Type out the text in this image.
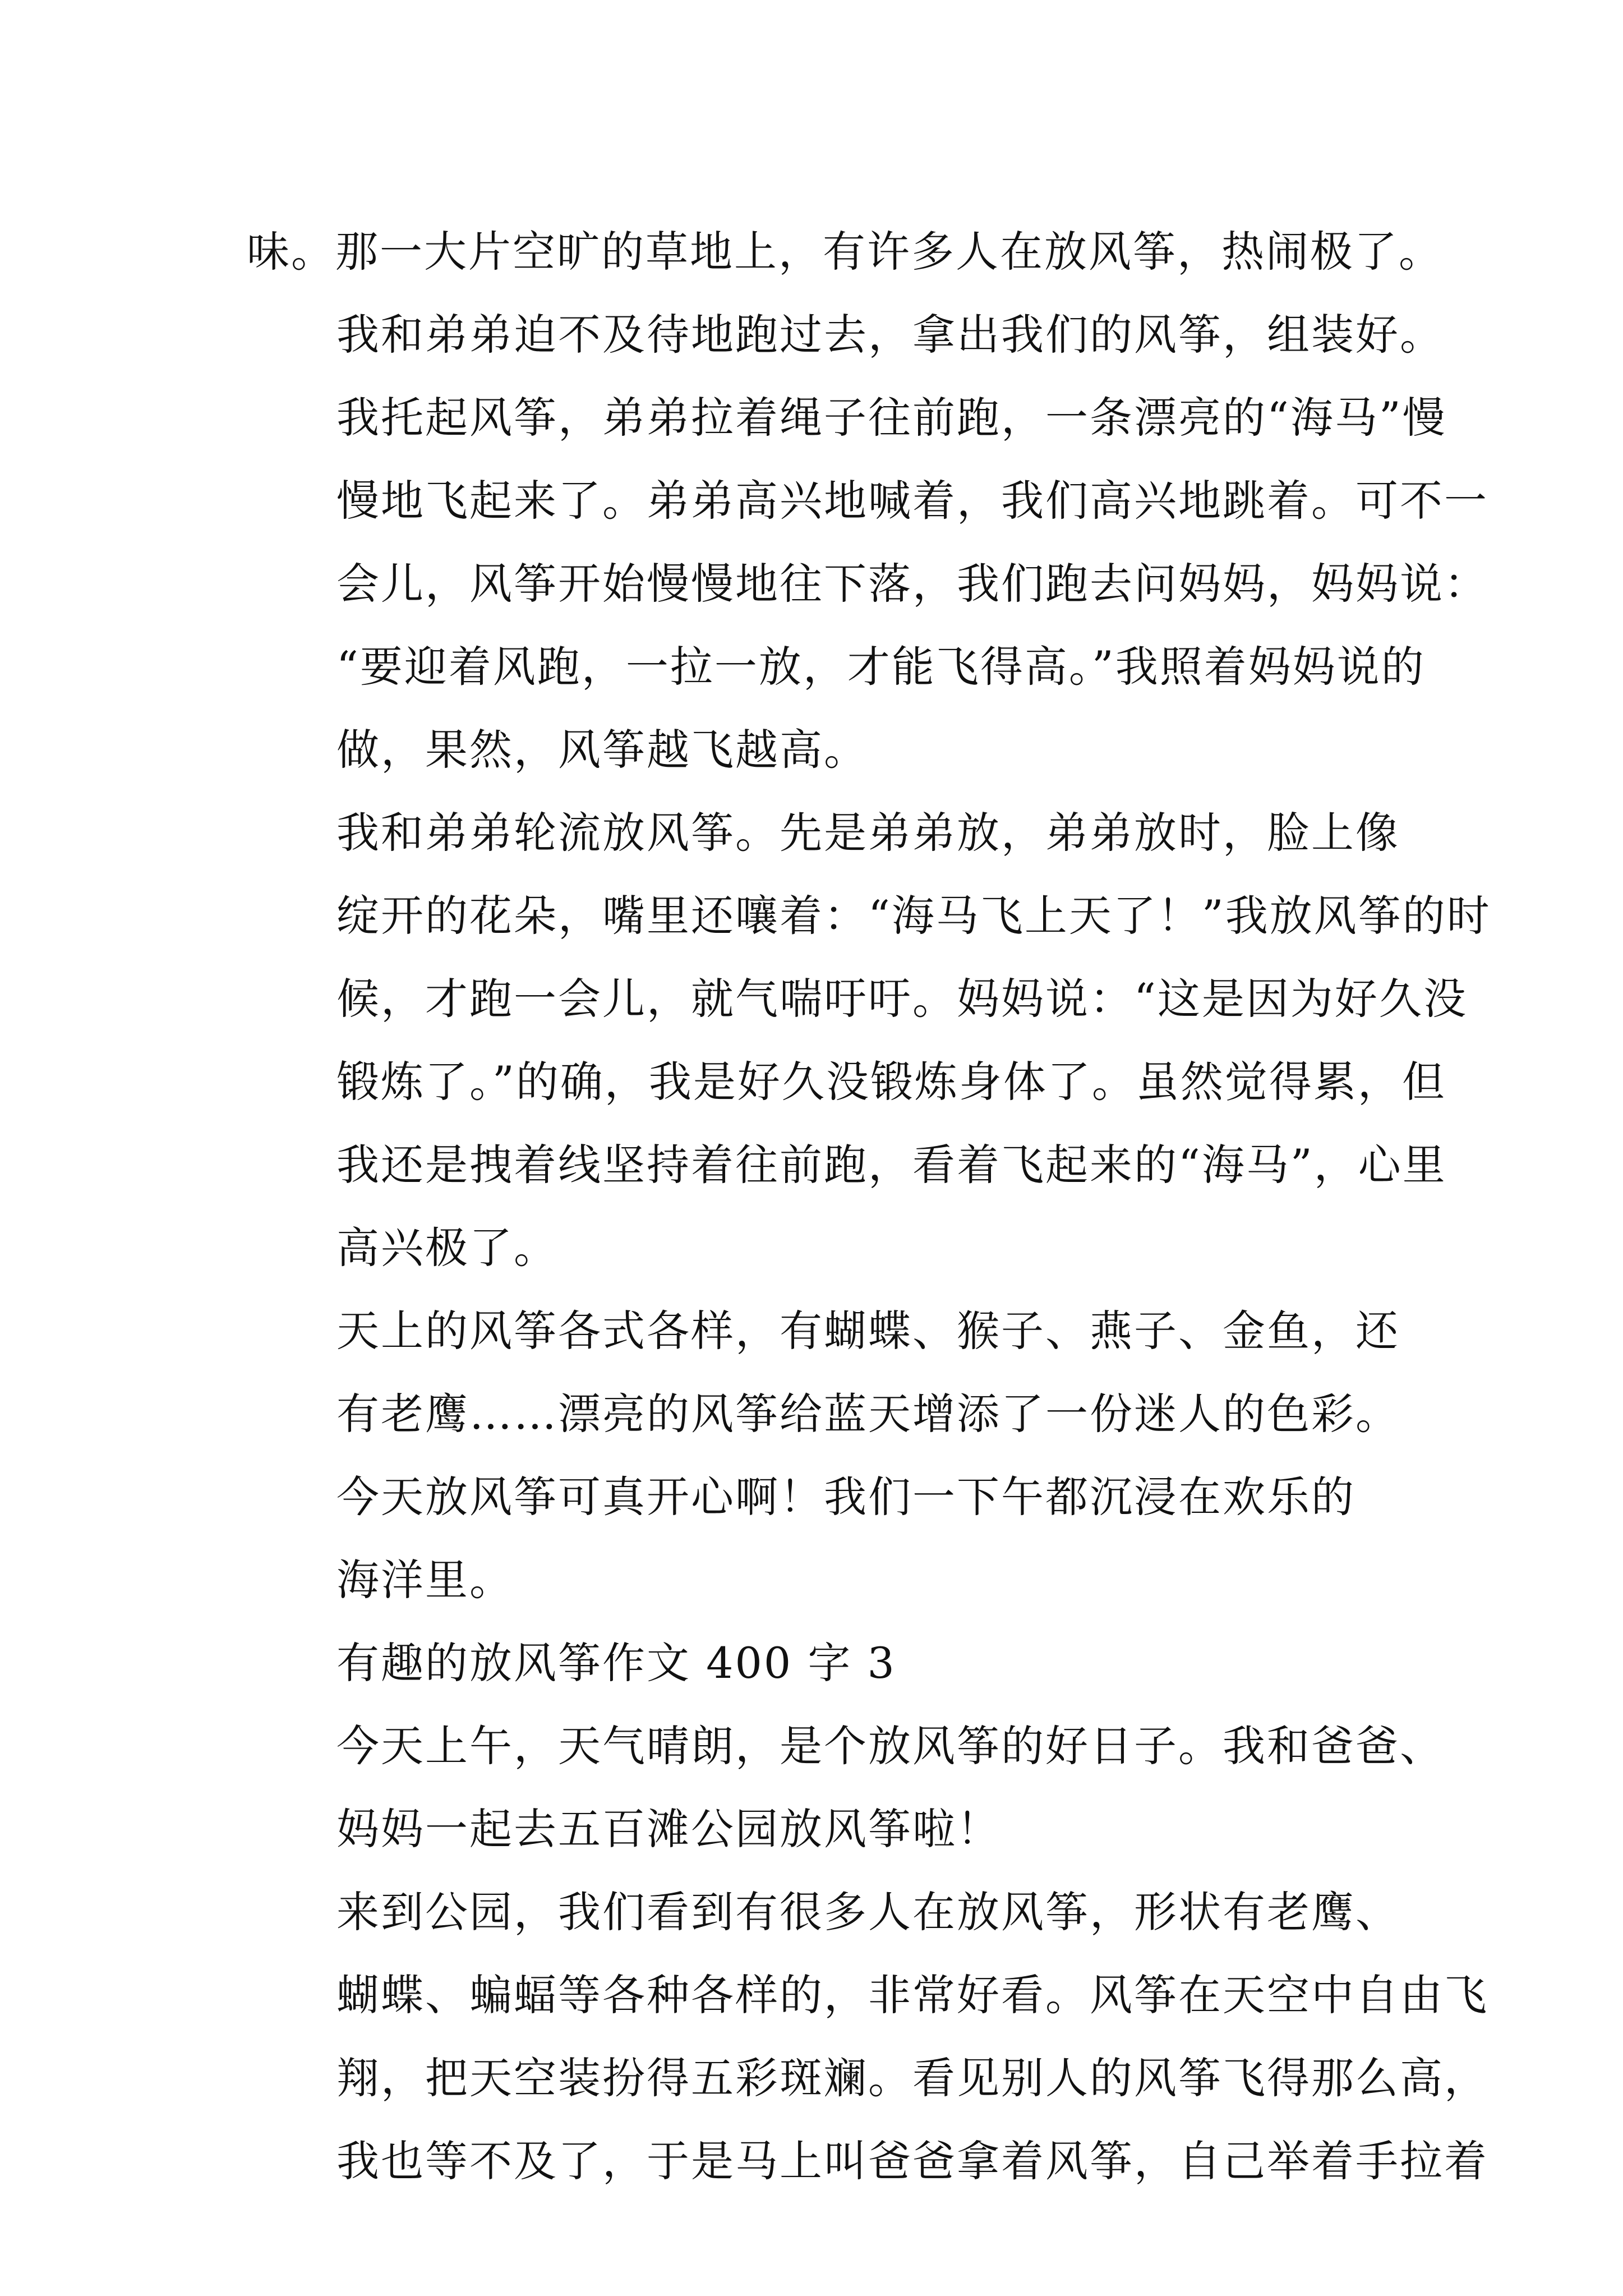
味。那一大片空旷的草地上，有许多人在放风筝，热闹极了。

我和弟弟迫不及待地跑过去，拿出我们的风筝，组装好。
我托起风筝，弟弟拉着绳子往前跑，一条漂亮的“海马”慢
慢地飞起来了。弟弟高兴地喊着，我们高兴地跳着。可不一
会儿，风筝开始慢慢地往下落，我们跑去问妈妈，妈妈说：
“要迎着风跑，一拉一放，才能飞得高。”我照着妈妈说的
做，果然，风筝越飞越高。

我和弟弟轮流放风筝。先是弟弟放，弟弟放时，脸上像
绽开的花朵，嘴里还嚷着：“海马飞上天了！”我放风筝的时
候，才跑一会儿，就气喘吁吁。妈妈说：“这是因为好久没
锻炼了。”的确，我是好久没锻炼身体了。虽然觉得累，但
我还是拽着线坚持着往前跑，看着飞起来的“海马”，心里
高兴极了。

天上的风筝各式各样，有蝴蝶、猴子、燕子、金鱼，还
有老鹰……漂亮的风筝给蓝天增添了一份迷人的色彩。

今天放风筝可真开心啊！我们一下午都沉浸在欢乐的
海洋里。

有趣的放风筝作文 400 字 3

今天上午，天气晴朗，是个放风筝的好日子。我和爸爸、
妈妈一起去五百滩公园放风筝啦！

来到公园，我们看到有很多人在放风筝，形状有老鹰、
蝴蝶、蝙蝠等各种各样的，非常好看。风筝在天空中自由飞
翔，把天空装扮得五彩斑斓。看见别人的风筝飞得那么高，
我也等不及了，于是马上叫爸爸拿着风筝，自己举着手拉着
